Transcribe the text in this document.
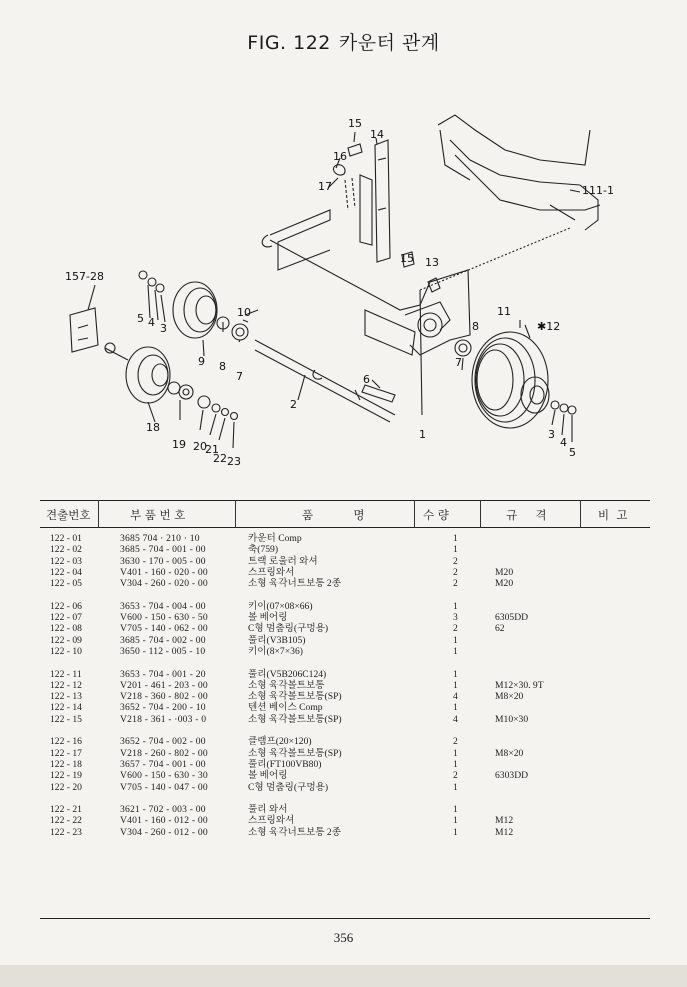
FIG. 122 카운터 관계
15
14
16
17	111-1
157-28
15 13
5 4 3
9
10
8
7
11
✱12
8
7
6
2
1
18
19 20
21
22 23
3
4
5
견출번호	부 품 번 호	품           명	수 량	규     격	비  고
122 - 01	3685 704 · 210 · 10	카운터 Comp	1
122 - 02	3685 - 704 - 001 - 00	축(759)	1
122 - 03	3630 - 170 - 005 - 00	트랙 로울러 와셔	2
122 - 04	V401 - 160 - 020 - 00	스프링와서	2	M20
122 - 05	V304 - 260 - 020 - 00	소형 육각너트보통 2종	2	M20
122 - 06	3653 - 704 - 004 - 00	키이(07×08×66)	1
122 - 07	V600 - 150 - 630 - 50	볼 베어링	3	6305DD
122 - 08	V705 - 140 - 062 - 00	C형 멈춤링(구멍용)	2	62
122 - 09	3685 - 704 - 002 - 00	풀리(V3B105)	1
122 - 10	3650 - 112 - 005 - 10	키이(8×7×36)	1
122 - 11	3653 - 704 - 001 - 20	풀리(V5B206C124)	1
122 - 12	V201 - 461 - 203 - 00	소형 육각볼트보통	1	M12×30. 9T
122 - 13	V218 - 360 - 802 - 00	소형 육각볼트보통(SP)	4	M8×20
122 - 14	3652 - 704 - 200 - 10	텐션 베이스 Comp	1
122 - 15	V218 - 361 - ·003 - 0	소형 육각볼트보통(SP)	4	M10×30
122 - 16	3652 - 704 - 002 - 00	클램프(20×120)	2
122 - 17	V218 - 260 - 802 - 00	소형 육각볼트보통(SP)	1	M8×20
122 - 18	3657 - 704 - 001 - 00	풀리(FT100VB80)	1
122 - 19	V600 - 150 - 630 - 30	볼 베어링	2	6303DD
122 - 20	V705 - 140 - 047 - 00	C형 멈춤링(구멍용)	1
122 - 21	3621 - 702 - 003 - 00	풀리 와서	1
122 - 22	V401 - 160 - 012 - 00	스프링와셔	1	M12
122 - 23	V304 - 260 - 012 - 00	소형 육각너트보통 2종	1	M12
356
